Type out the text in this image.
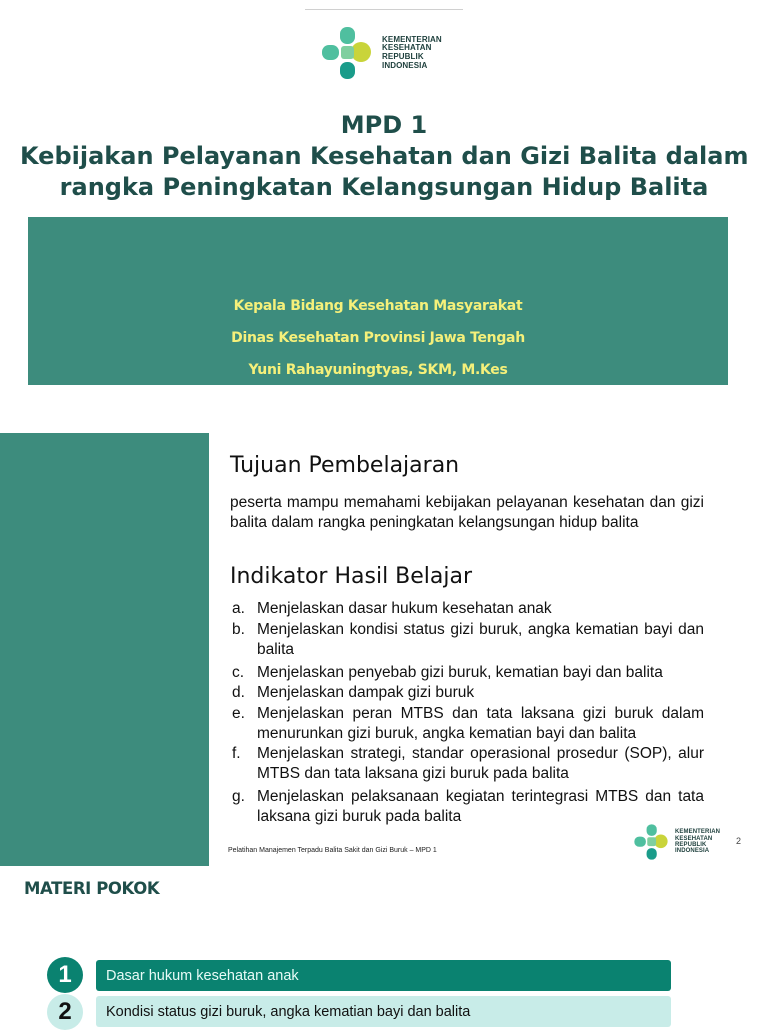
KEMENTERIAN
KESEHATAN
REPUBLIK
INDONESIA
MPD 1
Kebijakan Pelayanan Kesehatan dan Gizi Balita dalam
rangka Peningkatan Kelangsungan Hidup Balita
Kepala Bidang Kesehatan Masyarakat
Dinas Kesehatan Provinsi Jawa Tengah
Yuni Rahayuningtyas, SKM, M.Kes
Tujuan Pembelajaran
peserta mampu memahami kebijakan pelayanan kesehatan dan gizi balita dalam rangka peningkatan kelangsungan hidup balita
Indikator Hasil Belajar
a. Menjelaskan dasar hukum kesehatan anak
b. Menjelaskan kondisi status gizi buruk, angka kematian bayi dan balita
c. Menjelaskan penyebab gizi buruk, kematian bayi dan balita
d. Menjelaskan dampak gizi buruk
e. Menjelaskan peran MTBS dan tata laksana gizi buruk dalam menurunkan gizi buruk, angka kematian bayi dan balita
f.	Menjelaskan strategi, standar operasional prosedur (SOP), alur MTBS dan tata laksana gizi buruk pada balita
g. Menjelaskan pelaksanaan kegiatan terintegrasi MTBS dan tata laksana gizi buruk pada balita
Pelatihan Manajemen Terpadu Balita Sakit dan Gizi Buruk – MPD 1
KEMENTERIAN
KESEHATAN
REPUBLIK
INDONESIA
2
MATERI POKOK
Dasar hukum kesehatan anak
1
Kondisi status gizi buruk, angka kematian bayi dan balita
2
